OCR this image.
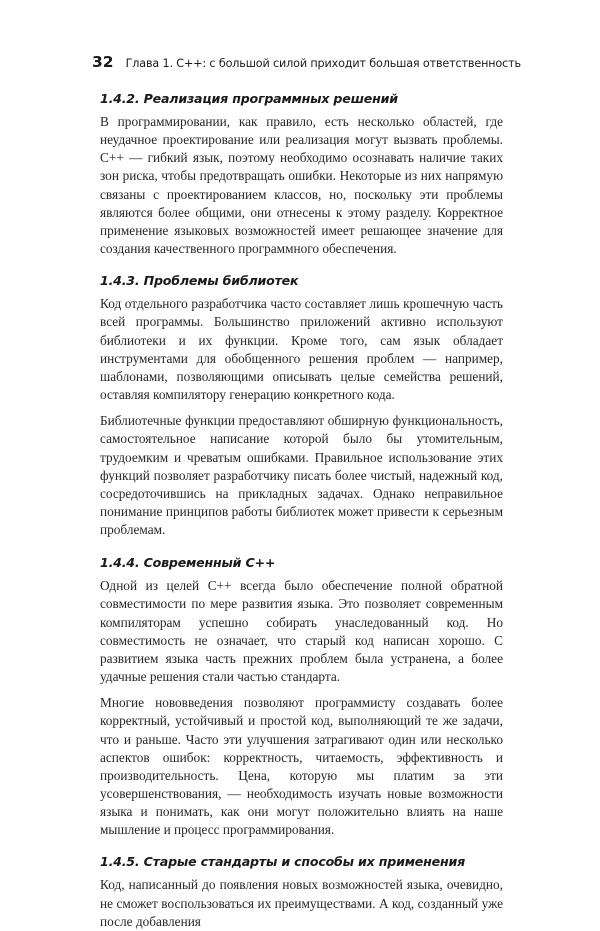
32 Глава 1. С++: с большой силой приходит большая ответственность
1.4.2. Реализация программных решений

В программировании, как правило, есть несколько областей, где неудачное проектирование или реализация могут вызвать проблемы. С++ — гибкий язык, поэтому необходимо осознавать наличие таких зон риска, чтобы предотвращать ошибки. Некоторые из них напрямую связаны с проектированием классов, но, поскольку эти проблемы являются более общими, они отнесены к этому разделу. Корректное применение языковых возможностей имеет решающее значение для создания качественного программного обеспечения.

1.4.3. Проблемы библиотек

Код отдельного разработчика часто составляет лишь крошечную часть всей программы. Большинство приложений активно используют библиотеки и их функции. Кроме того, сам язык обладает инструментами для обобщенного решения проблем — например, шаблонами, позволяющими описывать целые семейства решений, оставляя компилятору генерацию конкретного кода.

Библиотечные функции предоставляют обширную функциональность, самостоятельное написание которой было бы утомительным, трудоемким и чреватым ошибками. Правильное использование этих функций позволяет разработчику писать более чистый, надежный код, сосредоточившись на прикладных задачах. Однако неправильное понимание принципов работы библиотек может привести к серьезным проблемам.

1.4.4. Современный С++

Одной из целей С++ всегда было обеспечение полной обратной совместимости по мере развития языка. Это позволяет современным компиляторам успешно собирать унаследованный код. Но совместимость не означает, что старый код написан хорошо. С развитием языка часть прежних проблем была устранена, а более удачные решения стали частью стандарта.

Многие нововведения позволяют программисту создавать более корректный, устойчивый и простой код, выполняющий те же задачи, что и раньше. Часто эти улучшения затрагивают один или несколько аспектов ошибок: корректность, читаемость, эффективность и производительность. Цена, которую мы платим за эти усовершенствования, — необходимость изучать новые возможности языка и понимать, как они могут положительно влиять на наше мышление и процесс программирования.

1.4.5. Старые стандарты и способы их применения

Код, написанный до появления новых возможностей языка, очевидно, не сможет воспользоваться их преимуществами. А код, созданный уже после добавления
